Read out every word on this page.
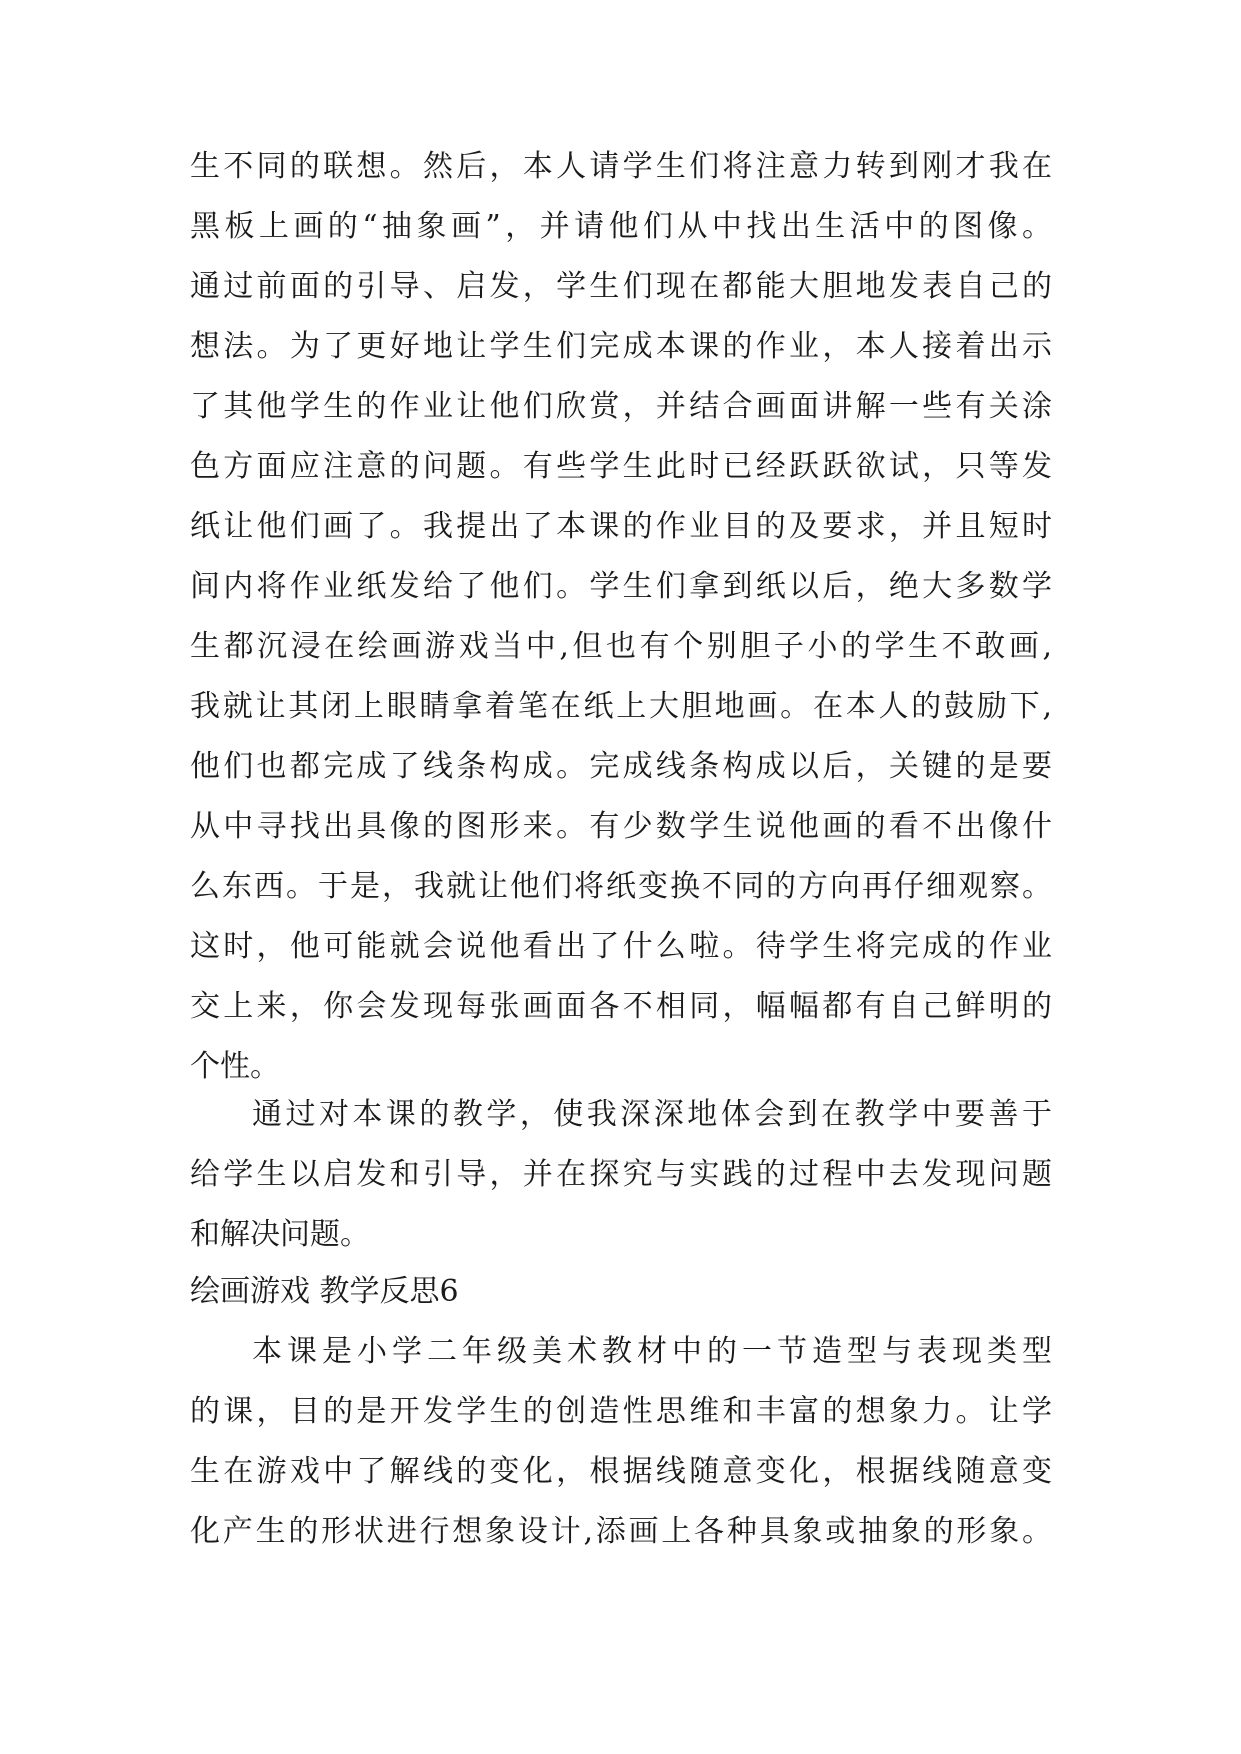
生不同的联想。然后，本人请学生们将注意力转到刚才我在
黑板上画的“抽象画”，并请他们从中找出生活中的图像。
通过前面的引导、启发，学生们现在都能大胆地发表自己的
想法。为了更好地让学生们完成本课的作业，本人接着出示
了其他学生的作业让他们欣赏，并结合画面讲解一些有关涂
色方面应注意的问题。有些学生此时已经跃跃欲试，只等发
纸让他们画了。我提出了本课的作业目的及要求，并且短时
间内将作业纸发给了他们。学生们拿到纸以后，绝大多数学
生都沉浸在绘画游戏当中,但也有个别胆子小的学生不敢画,
我就让其闭上眼睛拿着笔在纸上大胆地画。在本人的鼓励下,
他们也都完成了线条构成。完成线条构成以后，关键的是要
从中寻找出具像的图形来。有少数学生说他画的看不出像什
么东西。于是，我就让他们将纸变换不同的方向再仔细观察。
这时，他可能就会说他看出了什么啦。待学生将完成的作业
交上来，你会发现每张画面各不相同，幅幅都有自己鲜明的
个性。
通过对本课的教学，使我深深地体会到在教学中要善于
给学生以启发和引导，并在探究与实践的过程中去发现问题
和解决问题。
绘画游戏 教学反思6
本课是小学二年级美术教材中的一节造型与表现类型
的课，目的是开发学生的创造性思维和丰富的想象力。让学
生在游戏中了解线的变化，根据线随意变化，根据线随意变
化产生的形状进行想象设计,添画上各种具象或抽象的形象。
